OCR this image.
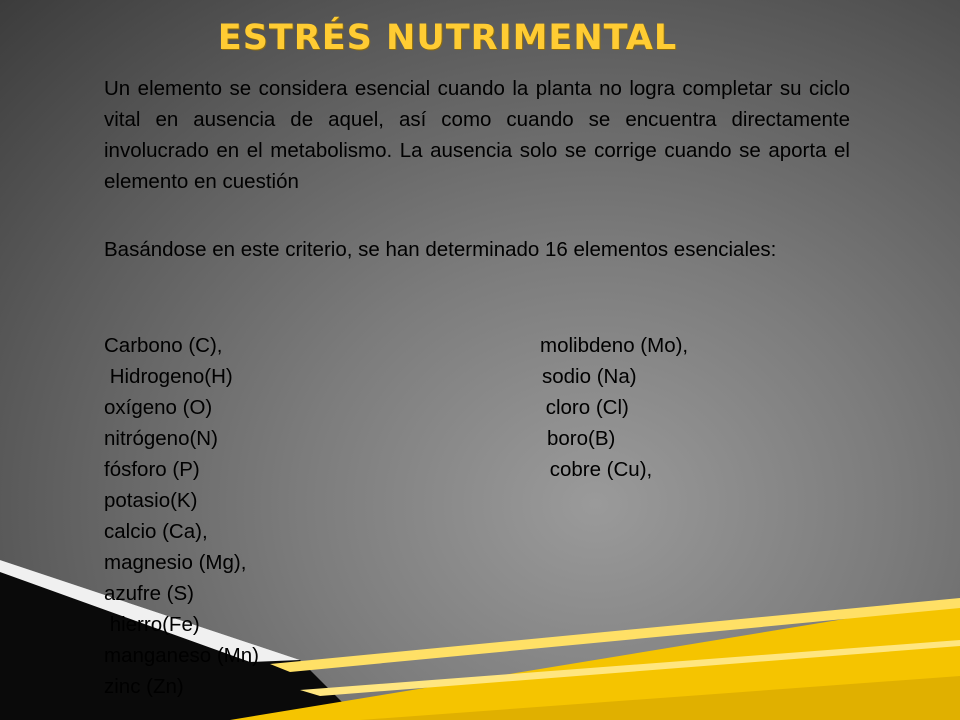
ESTRÉS NUTRIMENTAL

Un elemento se considera esencial cuando la planta no logra completar su ciclo vital en ausencia de aquel, así como cuando se encuentra directamente involucrado en el metabolismo. La ausencia solo se corrige cuando se aporta el elemento en cuestión

Basándose en este criterio, se han determinado 16 elementos esenciales:

Carbono (C),
Hidrogeno(H)
oxígeno (O)
nitrógeno(N)
fósforo (P)
potasio(K)
calcio (Ca),
magnesio (Mg),
azufre (S)
hierro(Fe)
manganeso (Mn)
zinc (Zn)
molibdeno (Mo),
sodio (Na)
cloro (Cl)
boro(B)
cobre (Cu),
